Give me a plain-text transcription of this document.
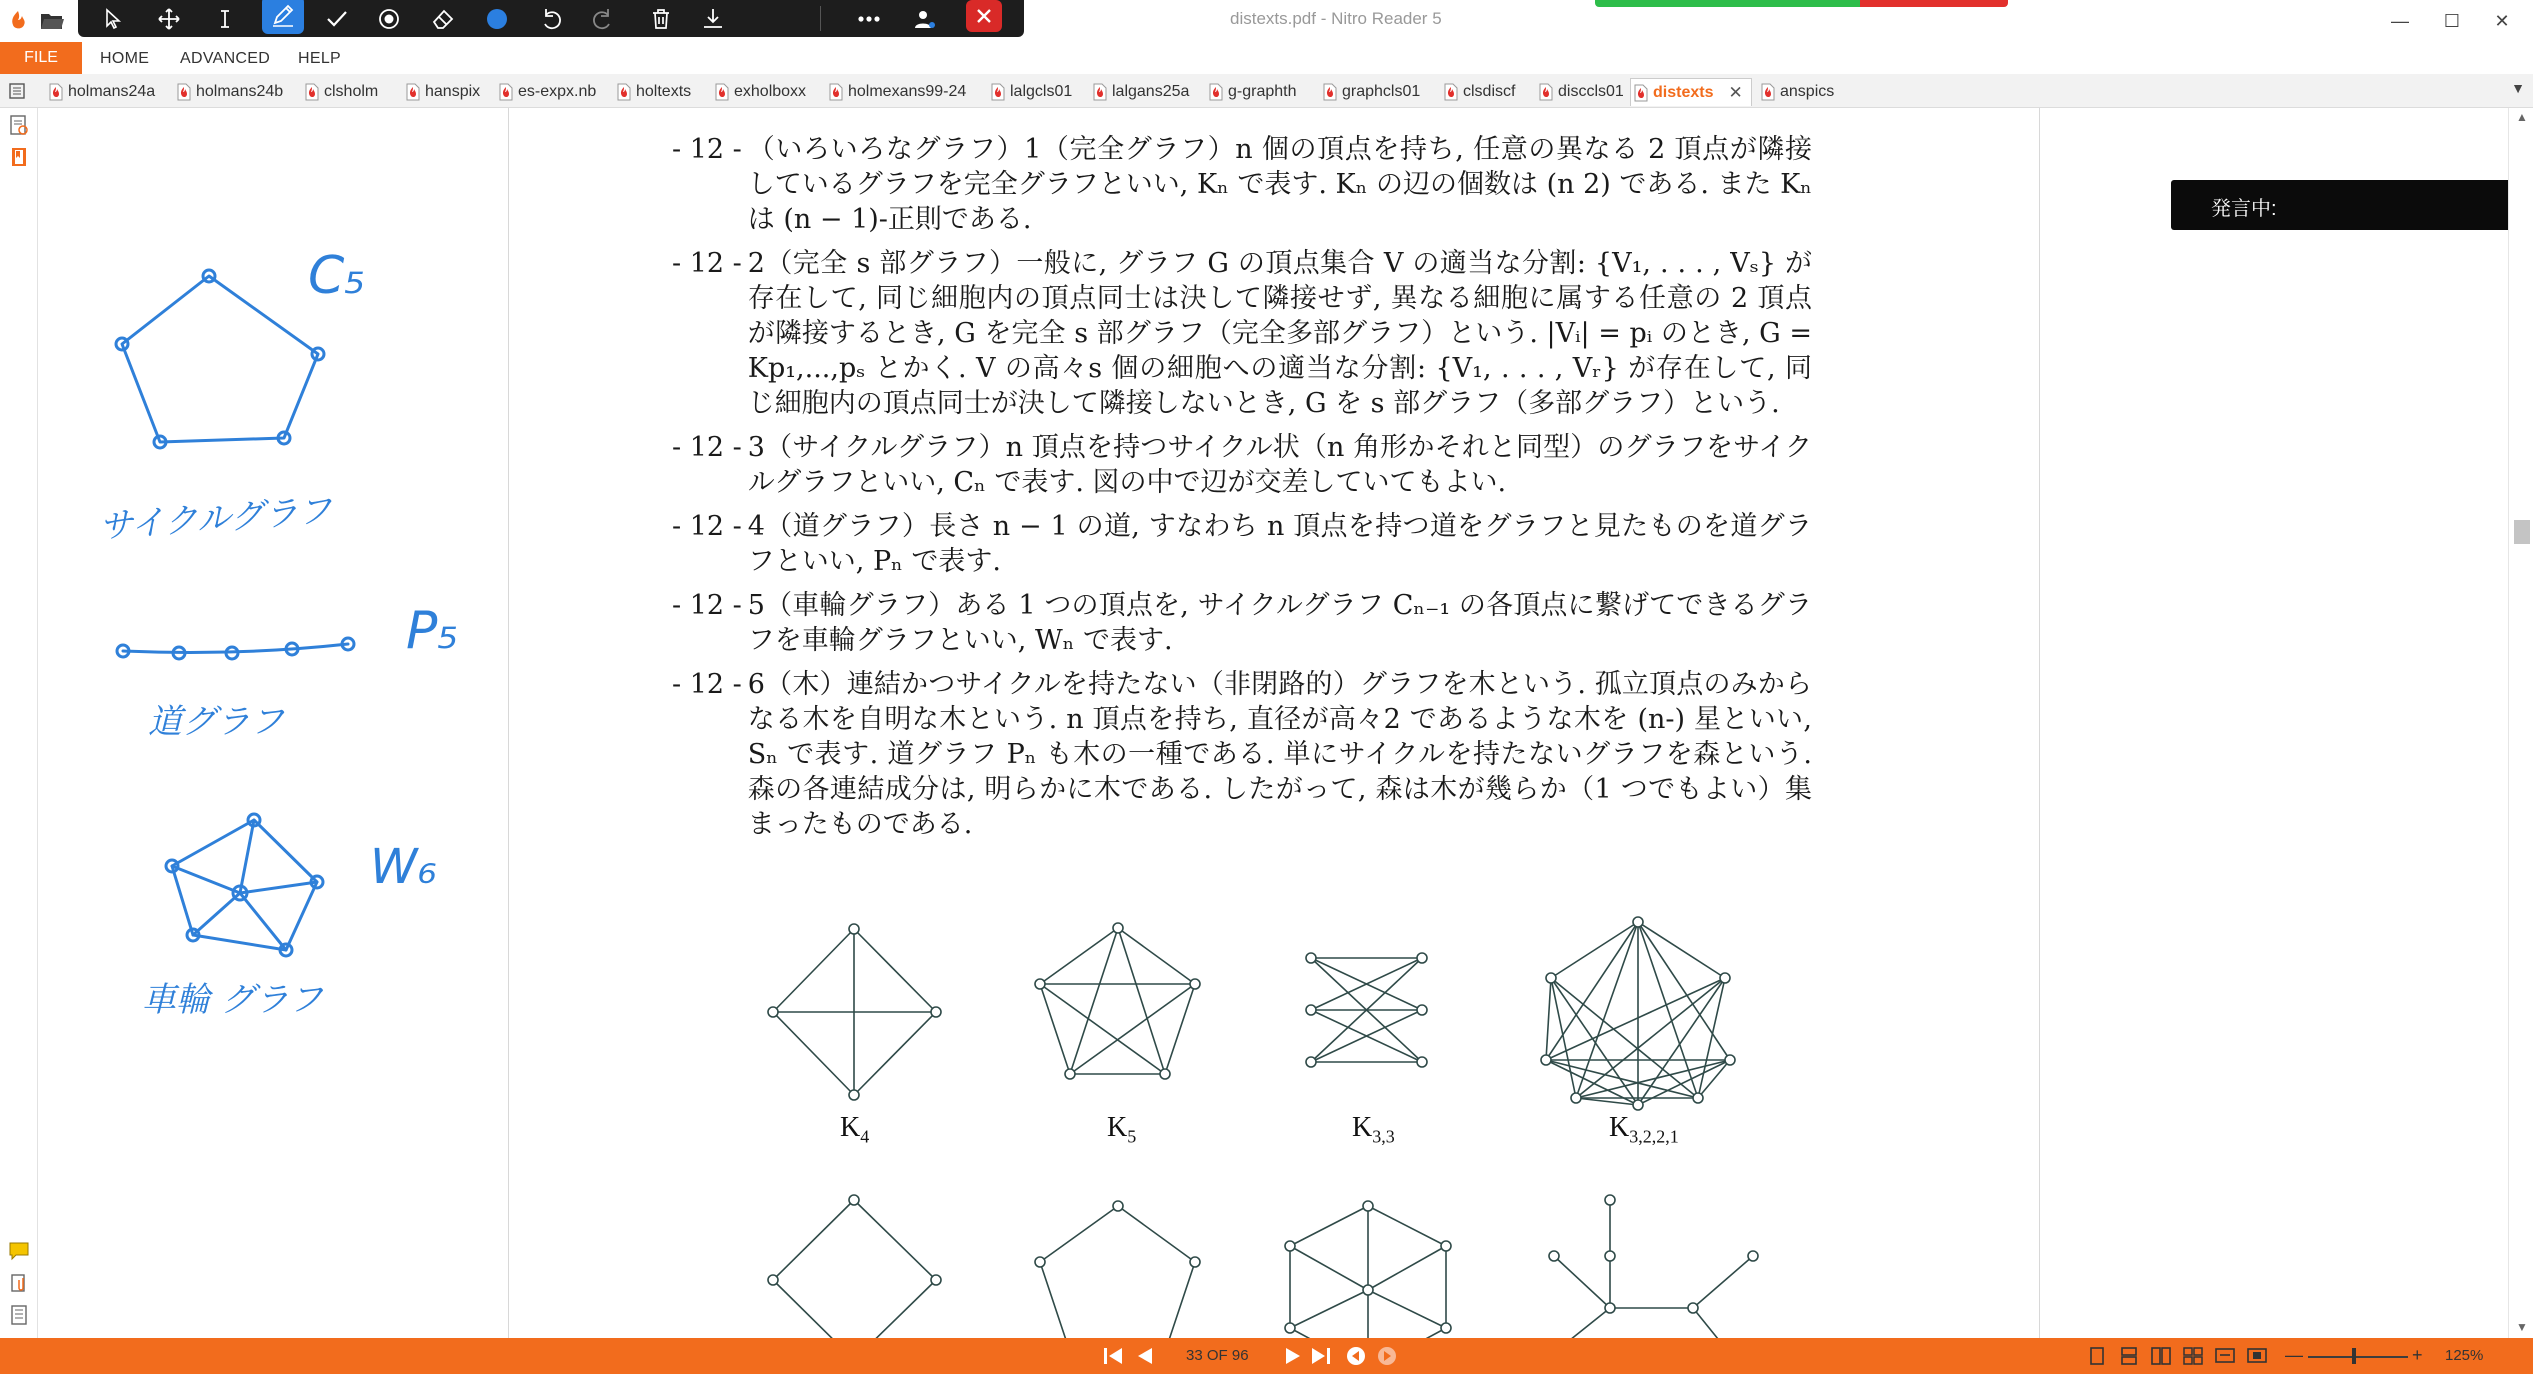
distexts.pdf - Nitro Reader 5	—	☐	✕
FILE	HOME ADVANCED HELP
holmans24a	holmans24b	clsholm	hanspix es-expx.nb holtexts	exholboxx	holmexans99-24	lalgcls01 lalgans25a g-graphth	graphcls01	clsdiscf	disccls01 distexts ✕ anspics	▼
- 12 - （いろいろなグラフ）1（完全グラフ）n 個の頂点を持ち, 任意の異なる 2 頂点が隣接しているグラフを完全グラフといい, Kₙ で表す. Kₙ の辺の個数は (n 2) である. また Kₙ は (n − 1)-正則である.
- 12 - 2（完全 s 部グラフ）一般に, グラフ G の頂点集合 V の適当な分割: {V₁, . . . , Vₛ} が存在して, 同じ細胞内の頂点同士は決して隣接せず, 異なる細胞に属する任意の 2 頂点が隣接するとき, G を完全 s 部グラフ（完全多部グラフ）という. |Vᵢ| = pᵢ のとき, G = Kp₁,...,pₛ とかく. V の高々s 個の細胞への適当な分割: {V₁, . . . , Vᵣ} が存在して, 同じ細胞内の頂点同士が決して隣接しないとき, G を s 部グラフ（多部グラフ）という.
- 12 - 3（サイクルグラフ）n 頂点を持つサイクル状（n 角形かそれと同型）のグラフをサイクルグラフといい, Cₙ で表す. 図の中で辺が交差していてもよい.
- 12 - 4（道グラフ）長さ n − 1 の道, すなわち n 頂点を持つ道をグラフと見たものを道グラフといい, Pₙ で表す.
- 12 - 5（車輪グラフ）ある 1 つの頂点を, サイクルグラフ Cₙ₋₁ の各頂点に繋げてできるグラフを車輪グラフといい, Wₙ で表す.
- 12 - 6（木）連結かつサイクルを持たない（非閉路的）グラフを木という. 孤立頂点のみからなる木を自明な木という. n 頂点を持ち, 直径が高々2 であるような木を (n-) 星といい, Sₙ で表す. 道グラフ Pₙ も木の一種である. 単にサイクルを持たないグラフを森という. 森の各連結成分は, 明らかに木である. したがって, 森は木が幾らか（1 つでもよい）集まったものである.
$K_4$	$K_5$	$K_{3,3}$	$K_{3,2,2,1}$
C₅
サイクルグラフ
P₅
道グラフ
W₆
車輪 グラフ
発言中:
▲
▼
33 OF 96	—	+ 125%
